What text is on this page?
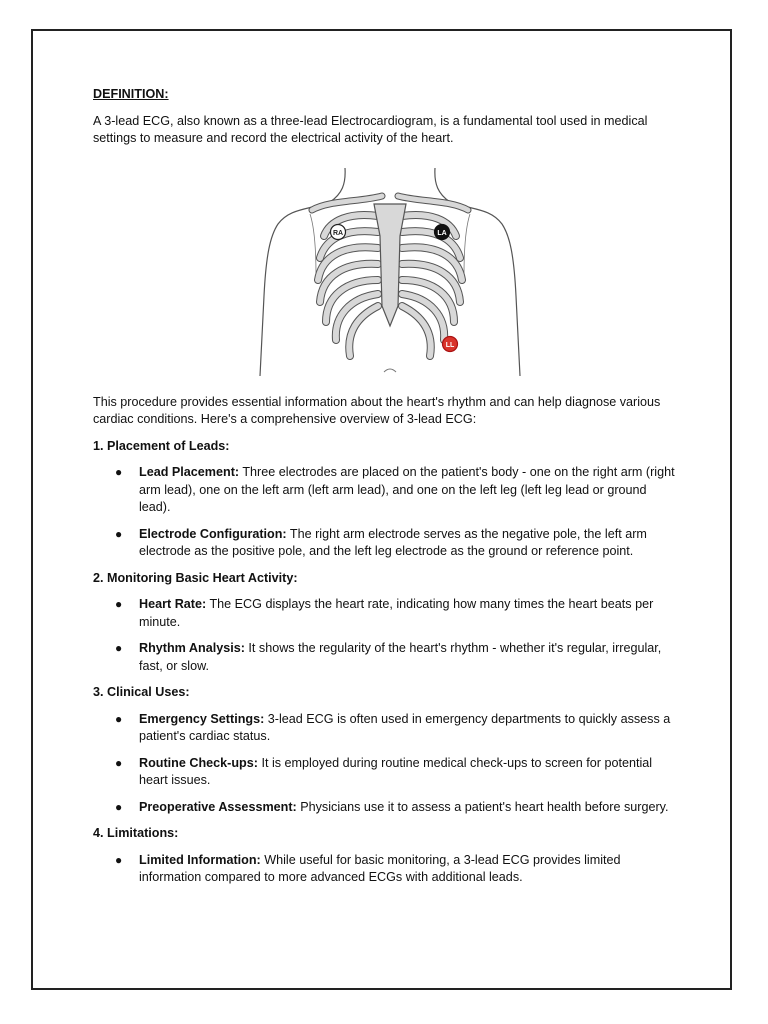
DEFINITION:

A 3-lead ECG, also known as a three-lead Electrocardiogram, is a fundamental tool used in medical settings to measure and record the electrical activity of the heart.

RA	LA
LL

This procedure provides essential information about the heart's rhythm and can help diagnose various cardiac conditions. Here's a comprehensive overview of 3-lead ECG:

1. Placement of Leads:

● Lead Placement: Three electrodes are placed on the patient's body - one on the right arm (right arm lead), one on the left arm (left arm lead), and one on the left leg (left leg lead or ground lead).
● Electrode Configuration: The right arm electrode serves as the negative pole, the left arm electrode as the positive pole, and the left leg electrode as the ground or reference point.

2. Monitoring Basic Heart Activity:

● Heart Rate: The ECG displays the heart rate, indicating how many times the heart beats per minute.
● Rhythm Analysis: It shows the regularity of the heart's rhythm - whether it's regular, irregular, fast, or slow.

3. Clinical Uses:

● Emergency Settings: 3-lead ECG is often used in emergency departments to quickly assess a patient's cardiac status.
● Routine Check-ups: It is employed during routine medical check-ups to screen for potential heart issues.
● Preoperative Assessment: Physicians use it to assess a patient's heart health before surgery.

4. Limitations:

● Limited Information: While useful for basic monitoring, a 3-lead ECG provides limited information compared to more advanced ECGs with additional leads.
